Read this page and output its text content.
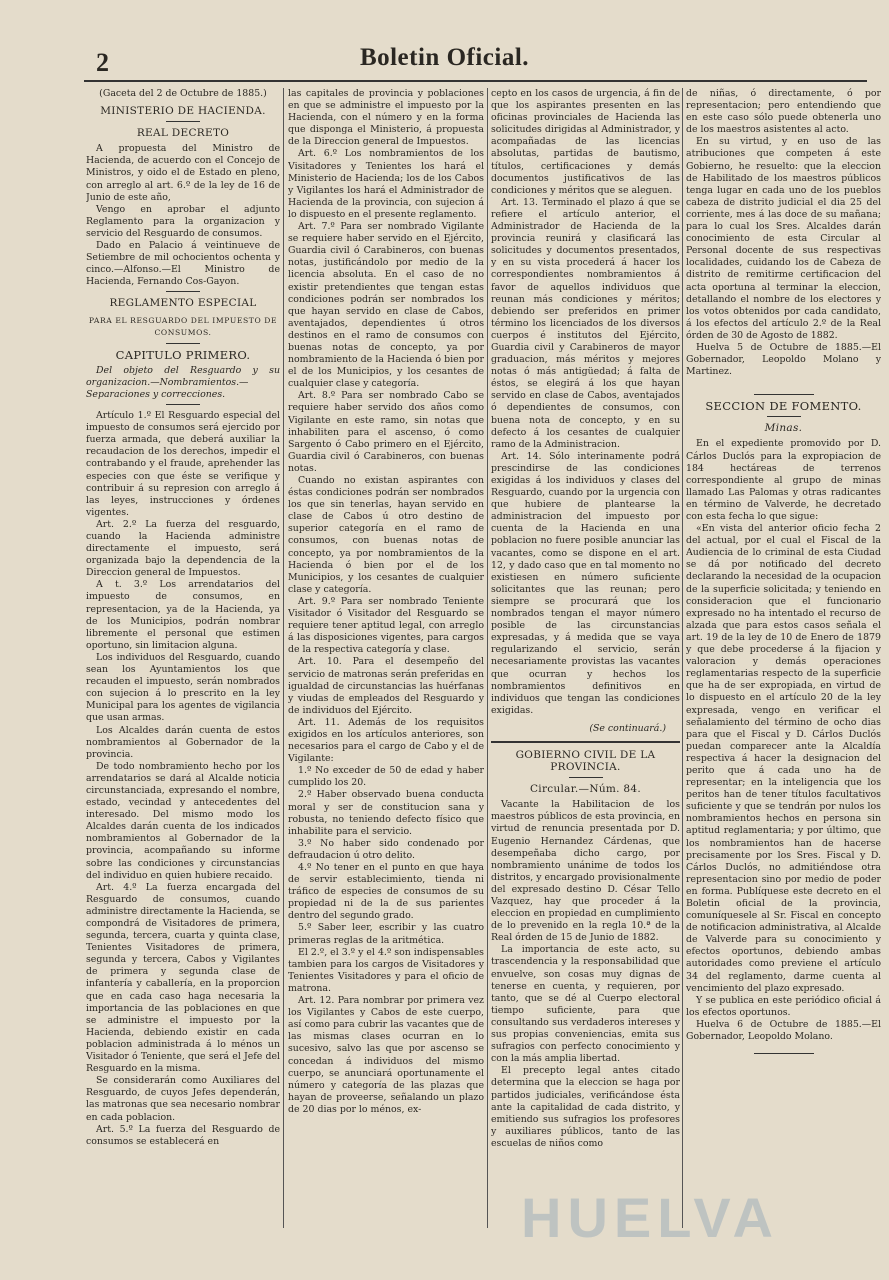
2	Boletin Oficial.

(Gaceta del 2 de Octubre de 1885.)

MINISTERIO DE HACIENDA.
REAL DECRETO

A propuesta del Ministro de Hacienda, de acuerdo con el Concejo de Ministros, y oido el de Estado en pleno, con arreglo al art. 6.º de la ley de 16 de Junio de este año,

Vengo en aprobar el adjunto Reglamento para la organizacion y servicio del Resguardo de consumos.

Dado en Palacio á veintinueve de Setiembre de mil ochocientos ochenta y cinco.—Alfonso.—El Ministro de Hacienda, Fernando Cos-Gayon.

REGLAMENTO ESPECIAL
PARA EL RESGUARDO DEL IMPUESTO DE CONSUMOS.
CAPITULO PRIMERO.

Del objeto del Resguardo y su organizacion.—Nombramientos.—Separaciones y correcciones.

Artículo 1.º El Resguardo especial del impuesto de consumos será ejercido por fuerza armada, que deberá auxiliar la recaudacion de los derechos, impedir el contrabando y el fraude, aprehender las especies con que éste se verifique y contribuir á su represion con arreglo á las leyes, instrucciones y órdenes vigentes.

Art. 2.º La fuerza del resguardo, cuando la Hacienda administre directamente el impuesto, será organizada bajo la dependencia de la Direccion general de Impuestos.

A t. 3.º Los arrendatarios del impuesto de consumos, en representacion, ya de la Hacienda, ya de los Municipios, podrán nombrar libremente el personal que estimen oportuno, sin limitacion alguna.

Los individuos del Resguardo, cuando sean los Ayuntamientos los que recauden el impuesto, serán nombrados con sujecion á lo prescrito en la ley Municipal para los agentes de vigilancia que usan armas.

Los Alcaldes darán cuenta de estos nombramientos al Gobernador de la provincia.

De todo nombramiento hecho por los arrendatarios se dará al Alcalde noticia circunstanciada, expresando el nombre, estado, vecindad y antecedentes del interesado. Del mismo modo los Alcaldes darán cuenta de los indicados nombramientos al Gobernador de la provincia, acompañando su informe sobre las condiciones y circunstancias del individuo en quien hubiere recaido.

Art. 4.º La fuerza encargada del Resguardo de consumos, cuando administre directamente la Hacienda, se compondrá de Visitadores de primera, segunda, tercera, cuarta y quinta clase, Tenientes Visitadores de primera, segunda y tercera, Cabos y Vigilantes de primera y segunda clase de infantería y caballería, en la proporcion que en cada caso haga necesaria la importancia de las poblaciones en que se administre el impuesto por la Hacienda, debiendo existir en cada poblacion administrada á lo ménos un Visitador ó Teniente, que será el Jefe del Resguardo en la misma.

Se considerarán como Auxiliares del Resguardo, de cuyos Jefes dependerán, las matronas que sea necesario nombrar en cada poblacion.

Art. 5.º La fuerza del Resguardo de consumos se establecerá en

las capitales de provincia y poblaciones en que se administre el impuesto por la Hacienda, con el número y en la forma que disponga el Ministerio, á propuesta de la Direccion general de Impuestos.

Art. 6.º Los nombramientos de los Visitadores y Tenientes los hará el Ministerio de Hacienda; los de los Cabos y Vigilantes los hará el Administrador de Hacienda de la provincia, con sujecion á lo dispuesto en el presente reglamento.

Art. 7.º Para ser nombrado Vigilante se requiere haber servido en el Ejército, Guardia civil ó Carabineros, con buenas notas, justificándolo por medio de la licencia absoluta. En el caso de no existir pretendientes que tengan estas condiciones podrán ser nombrados los que hayan servido en clase de Cabos, aventajados, dependientes ú otros destinos en el ramo de consumos con buenas notas de concepto, ya por nombramiento de la Hacienda ó bien por el de los Municipios, y los cesantes de cualquier clase y categoría.

Art. 8.º Para ser nombrado Cabo se requiere haber servido dos años como Vigilante en este ramo, sin notas que inhabiliten para el ascenso, ó como Sargento ó Cabo primero en el Ejército, Guardia civil ó Carabineros, con buenas notas.

Cuando no existan aspirantes con éstas condiciones podrán ser nombrados los que sin tenerlas, hayan servido en clase de Cabos ú otro destino de superior categoría en el ramo de consumos, con buenas notas de concepto, ya por nombramientos de la Hacienda ó bien por el de los Municipios, y los cesantes de cualquier clase y categoría.

Art. 9.º Para ser nombrado Teniente Visitador ó Visitador del Resguardo se requiere tener aptitud legal, con arreglo á las disposiciones vigentes, para cargos de la respectiva categoría y clase.

Art. 10. Para el desempeño del servicio de matronas serán preferidas en igualdad de circunstancias las huérfanas y viudas de empleados del Resguardo y de individuos del Ejército.

Art. 11. Además de los requisitos exigidos en los artículos anteriores, son necesarios para el cargo de Cabo y el de Vigilante:

1.º No exceder de 50 de edad y haber cumplido los 20.

2.º Haber observado buena conducta moral y ser de constitucion sana y robusta, no teniendo defecto físico que inhabilite para el servicio.

3.º No haber sido condenado por defraudacion ú otro delito.

4.º No tener en el punto en que haya de servir establecimiento, tienda ni tráfico de especies de consumos de su propiedad ni de la de sus parientes dentro del segundo grado.

5.º Saber leer, escribir y las cuatro primeras reglas de la aritmética.

El 2.º, el 3.º y el 4.º son indispensables tambien para los cargos de Visitadores y Tenientes Visitadores y para el oficio de matrona.

Art. 12. Para nombrar por primera vez los Vigilantes y Cabos de este cuerpo, así como para cubrir las vacantes que de las mismas clases ocurran en lo sucesivo, salvo las que por ascenso se concedan á individuos del mismo cuerpo, se anunciará oportunamente el número y categoría de las plazas que hayan de proveerse, señalando un plazo de 20 dias por lo ménos, ex-

cepto en los casos de urgencia, á fin de que los aspirantes presenten en las oficinas provinciales de Hacienda las solicitudes dirigidas al Administrador, y acompañadas de las licencias absolutas, partidas de bautismo, títulos, certificaciones y demás documentos justificativos de las condiciones y méritos que se aleguen.

Art. 13. Terminado el plazo á que se refiere el artículo anterior, el Administrador de Hacienda de la provincia reunirá y clasificará las solicitudes y documentos presentados, y en su vista procederá á hacer los correspondientes nombramientos á favor de aquellos individuos que reunan más condiciones y méritos; debiendo ser preferidos en primer término los licenciados de los diversos cuerpos é institutos del Ejército, Guardia civil y Carabineros de mayor graduacion, más méritos y mejores notas ó más antigüedad; á falta de éstos, se elegirá á los que hayan servido en clase de Cabos, aventajados ó dependientes de consumos, con buena nota de concepto, y en su defecto á los cesantes de cualquier ramo de la Administracion.

Art. 14. Sólo interinamente podrá prescindirse de las condiciones exigidas á los individuos y clases del Resguardo, cuando por la urgencia con que hubiere de plantearse la administracion del impuesto por cuenta de la Hacienda en una poblacion no fuere posible anunciar las vacantes, como se dispone en el art. 12, y dado caso que en tal momento no existiesen en número suficiente solicitantes que las reunan; pero siempre se procurará que los nombrados tengan el mayor número posible de las circunstancias expresadas, y á medida que se vaya regularizando el servicio, serán necesariamente provistas las vacantes que ocurran y hechos los nombramientos definitivos en individuos que tengan las condiciones exigidas.

(Se continuará.)

GOBIERNO CIVIL DE LA PROVINCIA.
Circular.—Núm. 84.

Vacante la Habilitacion de los maestros públicos de esta provincia, en virtud de renuncia presentada por D. Eugenio Hernandez Cárdenas, que desempeñaba dicho cargo, por nombramiento unánime de todos los distritos, y encargado provisionalmente del expresado destino D. César Tello Vazquez, hay que proceder á la eleccion en propiedad en cumplimiento de lo prevenido en la regla 10.ª de la Real órden de 15 de Junio de 1882.

La importancia de este acto, su trascendencia y la responsabilidad que envuelve, son cosas muy dignas de tenerse en cuenta, y requieren, por tanto, que se dé al Cuerpo electoral tiempo suficiente, para que consultando sus verdaderos intereses y sus propias conveniencias, emita sus sufragios con perfecto conocimiento y con la más amplia libertad.

El precepto legal antes citado determina que la eleccion se haga por partidos judiciales, verificándose ésta ante la capitalidad de cada distrito, y emitiendo sus sufragios los profesores y auxiliares públicos, tanto de las escuelas de niños como

de niñas, ó directamente, ó por representacion; pero entendiendo que en este caso sólo puede obtenerla uno de los maestros asistentes al acto.

En su virtud, y en uso de las atribuciones que competen á este Gobierno, he resuelto: que la eleccion de Habilitado de los maestros públicos tenga lugar en cada uno de los pueblos cabeza de distrito judicial el dia 25 del corriente, mes á las doce de su mañana; para lo cual los Sres. Alcaldes darán conocimiento de esta Circular al Personal docente de sus respectivas localidades, cuidando los de Cabeza de distrito de remitirme certificacion del acta oportuna al terminar la eleccion, detallando el nombre de los electores y los votos obtenidos por cada candidato, á los efectos del artículo 2.º de la Real órden de 30 de Agosto de 1882.

Huelva 5 de Octubre de 1885.—El Gobernador, Leopoldo Molano y Martinez.

SECCION DE FOMENTO.
Minas.

En el expediente promovido por D. Cárlos Duclós para la expropiacion de 184 hectáreas de terrenos correspondiente al grupo de minas llamado Las Palomas y otras radicantes en término de Valverde, he decretado con esta fecha lo que sigue:

«En vista del anterior oficio fecha 2 del actual, por el cual el Fiscal de la Audiencia de lo criminal de esta Ciudad se dá por notificado del decreto declarando la necesidad de la ocupacion de la superficie solicitada; y teniendo en consideracion que el funcionario expresado no ha intentado el recurso de alzada que para estos casos señala el art. 19 de la ley de 10 de Enero de 1879 y que debe procederse á la fijacion y valoracion y demás operaciones reglamentarias respecto de la superficie que ha de ser expropiada, en virtud de lo dispuesto en el artículo 20 de la ley expresada, vengo en verificar el señalamiento del término de ocho dias para que el Fiscal y D. Cárlos Duclós puedan comparecer ante la Alcaldía respectiva á hacer la designacion del perito que á cada uno ha de representar; en la inteligencia que los peritos han de tener títulos facultativos suficiente y que se tendrán por nulos los nombramientos hechos en persona sin aptitud reglamentaria; y por último, que los nombramientos han de hacerse precisamente por los Sres. Fiscal y D. Cárlos Duclós, no admitiéndose otra representacion sino por medio de poder en forma. Publíquese este decreto en el Boletin oficial de la provincia, comuníquesele al Sr. Fiscal en concepto de notificacion administrativa, al Alcalde de Valverde para su conocimiento y efectos oportunos, debiendo ambas autoridades como previene el artículo 34 del reglamento, darme cuenta al vencimiento del plazo expresado.

Y se publica en este periódico oficial á los efectos oportunos.

Huelva 6 de Octubre de 1885.—El Gobernador, Leopoldo Molano.

HUELVA
